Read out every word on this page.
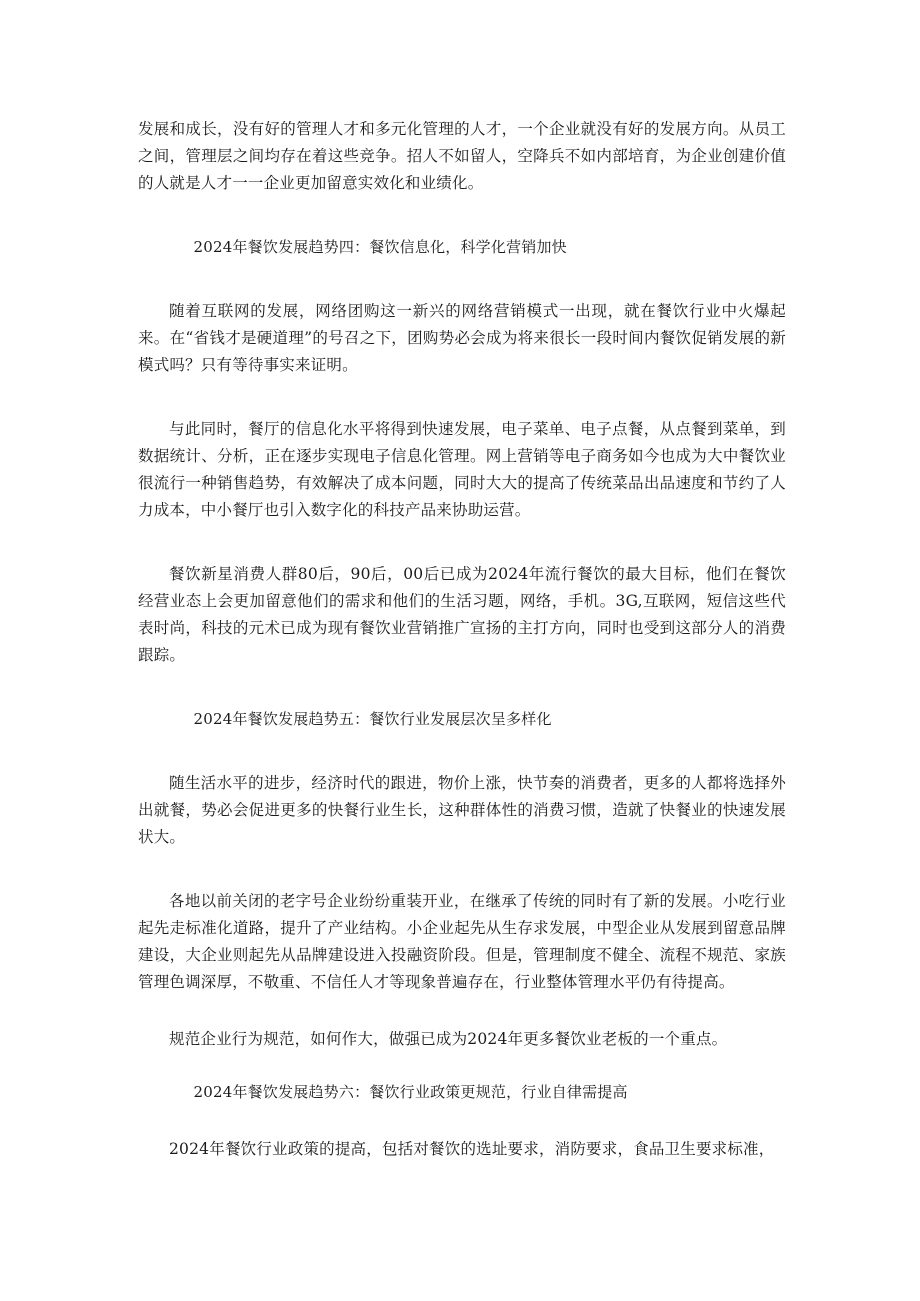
发展和成长，没有好的管理人才和多元化管理的人才，一个企业就没有好的发展方向。从员工之间，管理层之间均存在着这些竞争。招人不如留人，空降兵不如内部培育，为企业创建价值的人就是人才一一企业更加留意实效化和业绩化。

2024年餐饮发展趋势四：餐饮信息化，科学化营销加快

随着互联网的发展，网络团购这一新兴的网络营销模式一出现，就在餐饮行业中火爆起来。在“省钱才是硬道理”的号召之下，团购势必会成为将来很长一段时间内餐饮促销发展的新模式吗？只有等待事实来证明。

与此同时，餐厅的信息化水平将得到快速发展，电子菜单、电子点餐，从点餐到菜单，到数据统计、分析，正在逐步实现电子信息化管理。网上营销等电子商务如今也成为大中餐饮业很流行一种销售趋势，有效解决了成本问题，同时大大的提高了传统菜品出品速度和节约了人力成本，中小餐厅也引入数字化的科技产品来协助运营。

餐饮新星消费人群80后，90后，00后已成为2024年流行餐饮的最大目标，他们在餐饮经营业态上会更加留意他们的需求和他们的生活习题，网络，手机。3G,互联网，短信这些代表时尚，科技的元术已成为现有餐饮业营销推广宣扬的主打方向，同时也受到这部分人的消费跟踪。

2024年餐饮发展趋势五：餐饮行业发展层次呈多样化

随生活水平的进步，经济时代的跟进，物价上涨，快节奏的消费者，更多的人都将选择外出就餐，势必会促进更多的快餐行业生长，这种群体性的消费习惯，造就了快餐业的快速发展状大。

各地以前关闭的老字号企业纷纷重装开业，在继承了传统的同时有了新的发展。小吃行业起先走标准化道路，提升了产业结构。小企业起先从生存求发展，中型企业从发展到留意品牌建设，大企业则起先从品牌建设进入投融资阶段。但是，管理制度不健全、流程不规范、家族管理色调深厚，不敬重、不信任人才等现象普遍存在，行业整体管理水平仍有待提高。

规范企业行为规范，如何作大，做强已成为2024年更多餐饮业老板的一个重点。

2024年餐饮发展趋势六：餐饮行业政策更规范，行业自律需提高

2024年餐饮行业政策的提高，包括对餐饮的选址要求，消防要求，食品卫生要求标准，
